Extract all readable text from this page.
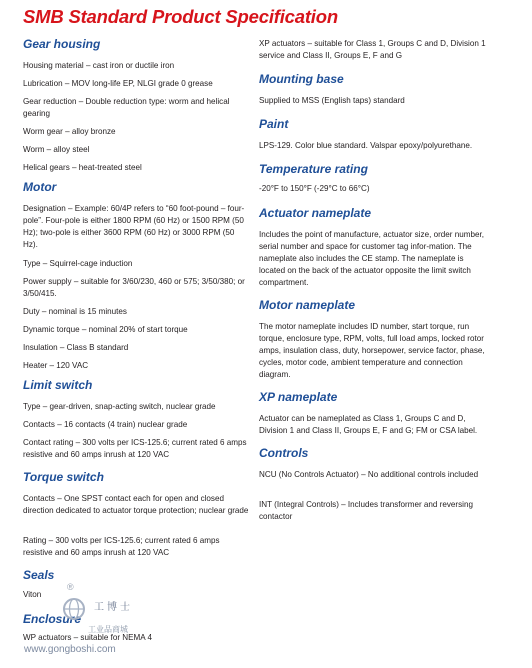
SMB Standard Product Specification
Gear housing

Housing material – cast iron or ductile iron

Lubrication – MOV long-life EP, NLGI grade 0 grease

Gear reduction – Double reduction type: worm and helical gearing

Worm gear – alloy bronze

Worm – alloy steel

Helical gears – heat-treated steel

Motor

Designation – Example: 60/4P refers to “60 foot-pound – four-pole”. Four-pole is either 1800 RPM (60 Hz) or 1500 RPM (50 Hz); two-pole is either 3600 RPM (60 Hz) or 3000 RPM (50 Hz).

Type – Squirrel-cage induction

Power supply – suitable for 3/60/230, 460 or 575; 3/50/380; or 3/50/415.

Duty – nominal is 15 minutes

Dynamic torque – nominal 20% of start torque

Insulation – Class B standard

Heater – 120 VAC

Limit switch

Type – gear-driven, snap-acting switch, nuclear grade

Contacts – 16 contacts (4 train) nuclear grade

Contact rating – 300 volts per ICS-125.6; current rated 6 amps resistive and 60 amps inrush at 120 VAC

Torque switch

Contacts – One SPST contact each for open and closed direction dedicated to actuator torque protection; nuclear grade

Rating – 300 volts per ICS-125.6; current rated 6 amps resistive and 60 amps inrush at 120 VAC

Seals

Viton

Enclosure

WP actuators – suitable for NEMA 4

XP actuators – suitable for Class 1, Groups C and D, Division 1 service and Class II, Groups E, F and G

Mounting base

Supplied to MSS (English taps) standard

Paint

LPS-129. Color blue standard. Valspar epoxy/polyurethane.

Temperature rating

-20°F to 150°F (-29°C to 66°C)

Actuator nameplate

Includes the point of manufacture, actuator size, order number, serial number and space for customer tag infor-mation. The nameplate also includes the CE stamp. The nameplate is located on the back of the actuator opposite the limit switch compartment.

Motor nameplate

The motor nameplate includes ID number, start torque, run torque, enclosure type, RPM, volts, full load amps, locked rotor amps, insulation class, duty, horsepower, service factor, phase, cycles, motor code, ambient temperature and connection diagram.

XP nameplate

Actuator can be nameplated as Class 1, Groups C and D, Division 1 and Class II, Groups E, F and G; FM or CSA label.

Controls

NCU (No Controls Actuator) – No additional controls included

INT (Integral Controls) – Includes transformer and reversing contactor

®
工博士
工业品商城
www.gongboshi.com
